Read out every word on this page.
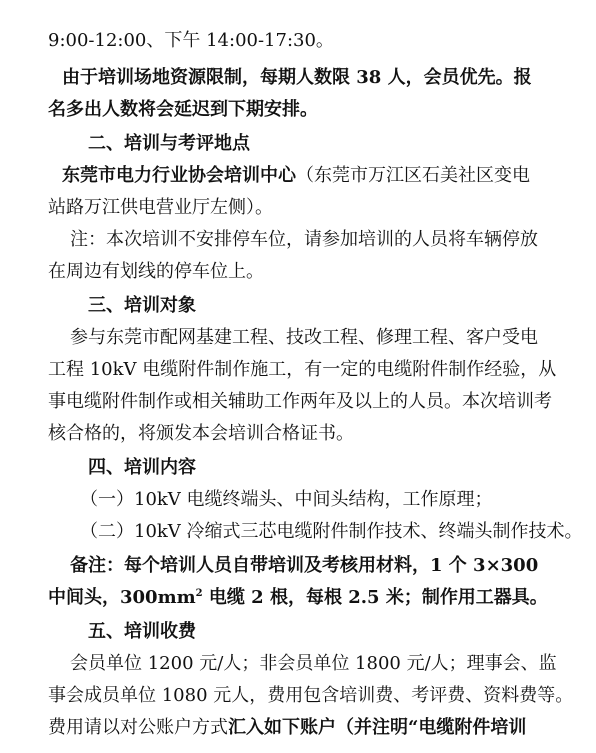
9:00-12:00、下午 14:00-17:30。
由于培训场地资源限制，每期人数限 38 人，会员优先。报
名多出人数将会延迟到下期安排。
二、培训与考评地点
东莞市电力行业协会培训中心（东莞市万江区石美社区变电
站路万江供电营业厅左侧）。
注：本次培训不安排停车位，请参加培训的人员将车辆停放
在周边有划线的停车位上。
三、培训对象
参与东莞市配网基建工程、技改工程、修理工程、客户受电
工程 10kV 电缆附件制作施工，有一定的电缆附件制作经验，从
事电缆附件制作或相关辅助工作两年及以上的人员。本次培训考
核合格的，将颁发本会培训合格证书。
四、培训内容
（一）10kV 电缆终端头、中间头结构，工作原理；
（二）10kV 冷缩式三芯电缆附件制作技术、终端头制作技术。
备注：每个培训人员自带培训及考核用材料，1 个 3×300
中间头，$300mm^2$ 电缆 2 根，每根 2.5 米；制作用工器具。
五、培训收费
会员单位 1200 元/人；非会员单位 1800 元/人；理事会、监
事会成员单位 1080 元人，费用包含培训费、考评费、资料费等。
费用请以对公账户方式汇入如下账户（并注明“电缆附件培训
